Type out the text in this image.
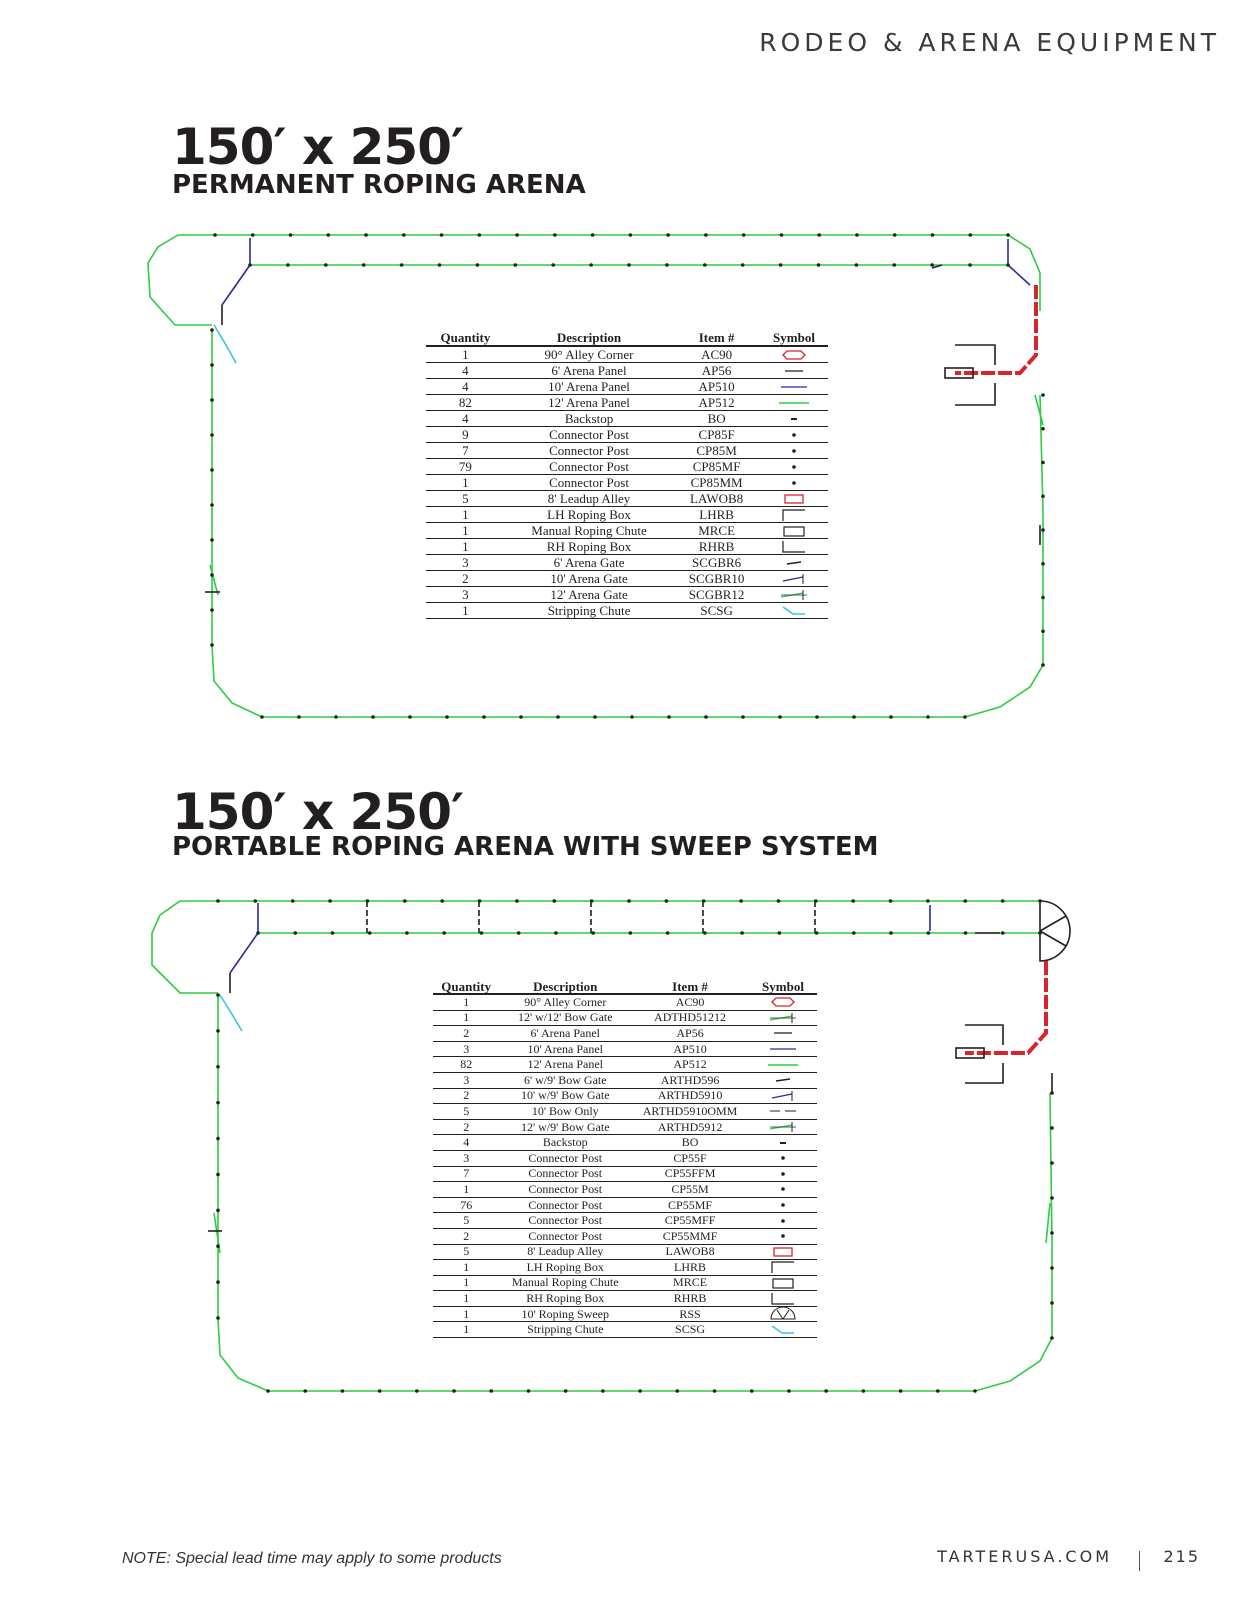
RODEO & ARENA EQUIPMENT
150′ x 250′
PERMANENT ROPING ARENA
Quantity	Description	Item #	Symbol
1	90° Alley Corner	AC90	

4	6' Arena Panel	AP56	

4	10' Arena Panel	AP510	

82	12' Arena Panel	AP512	

4	Backstop	BO	

9	Connector Post	CP85F	

7	Connector Post	CP85M	

79	Connector Post	CP85MF	

1	Connector Post	CP85MM	

5	8' Leadup Alley	LAWOB8	

1	LH Roping Box	LHRB	

1	Manual Roping Chute	MRCE	

1	RH Roping Box	RHRB	

3	6' Arena Gate	SCGBR6	

2	10' Arena Gate	SCGBR10	

3	12' Arena Gate	SCGBR12	

1	Stripping Chute	SCSG	
150′ x 250′
PORTABLE ROPING ARENA WITH SWEEP SYSTEM
Quantity	Description	Item #	Symbol
1	90° Alley Corner	AC90	

1	12' w/12' Bow Gate	ADTHD51212	

2	6' Arena Panel	AP56	

3	10' Arena Panel	AP510	

82	12' Arena Panel	AP512	

3	6' w/9' Bow Gate	ARTHD596	

2	10' w/9' Bow Gate	ARTHD5910	

5	10' Bow Only	ARTHD5910OMM	

2	12' w/9' Bow Gate	ARTHD5912	

4	Backstop	BO	

3	Connector Post	CP55F	

7	Connector Post	CP55FFM	

1	Connector Post	CP55M	

76	Connector Post	CP55MF	

5	Connector Post	CP55MFF	

2	Connector Post	CP55MMF	

5	8' Leadup Alley	LAWOB8	

1	LH Roping Box	LHRB	

1	Manual Roping Chute	MRCE	

1	RH Roping Box	RHRB	

1	10' Roping Sweep	RSS	

1	Stripping Chute	SCSG	
NOTE: Special lead time may apply to some products	TARTERUSA.COM	215
